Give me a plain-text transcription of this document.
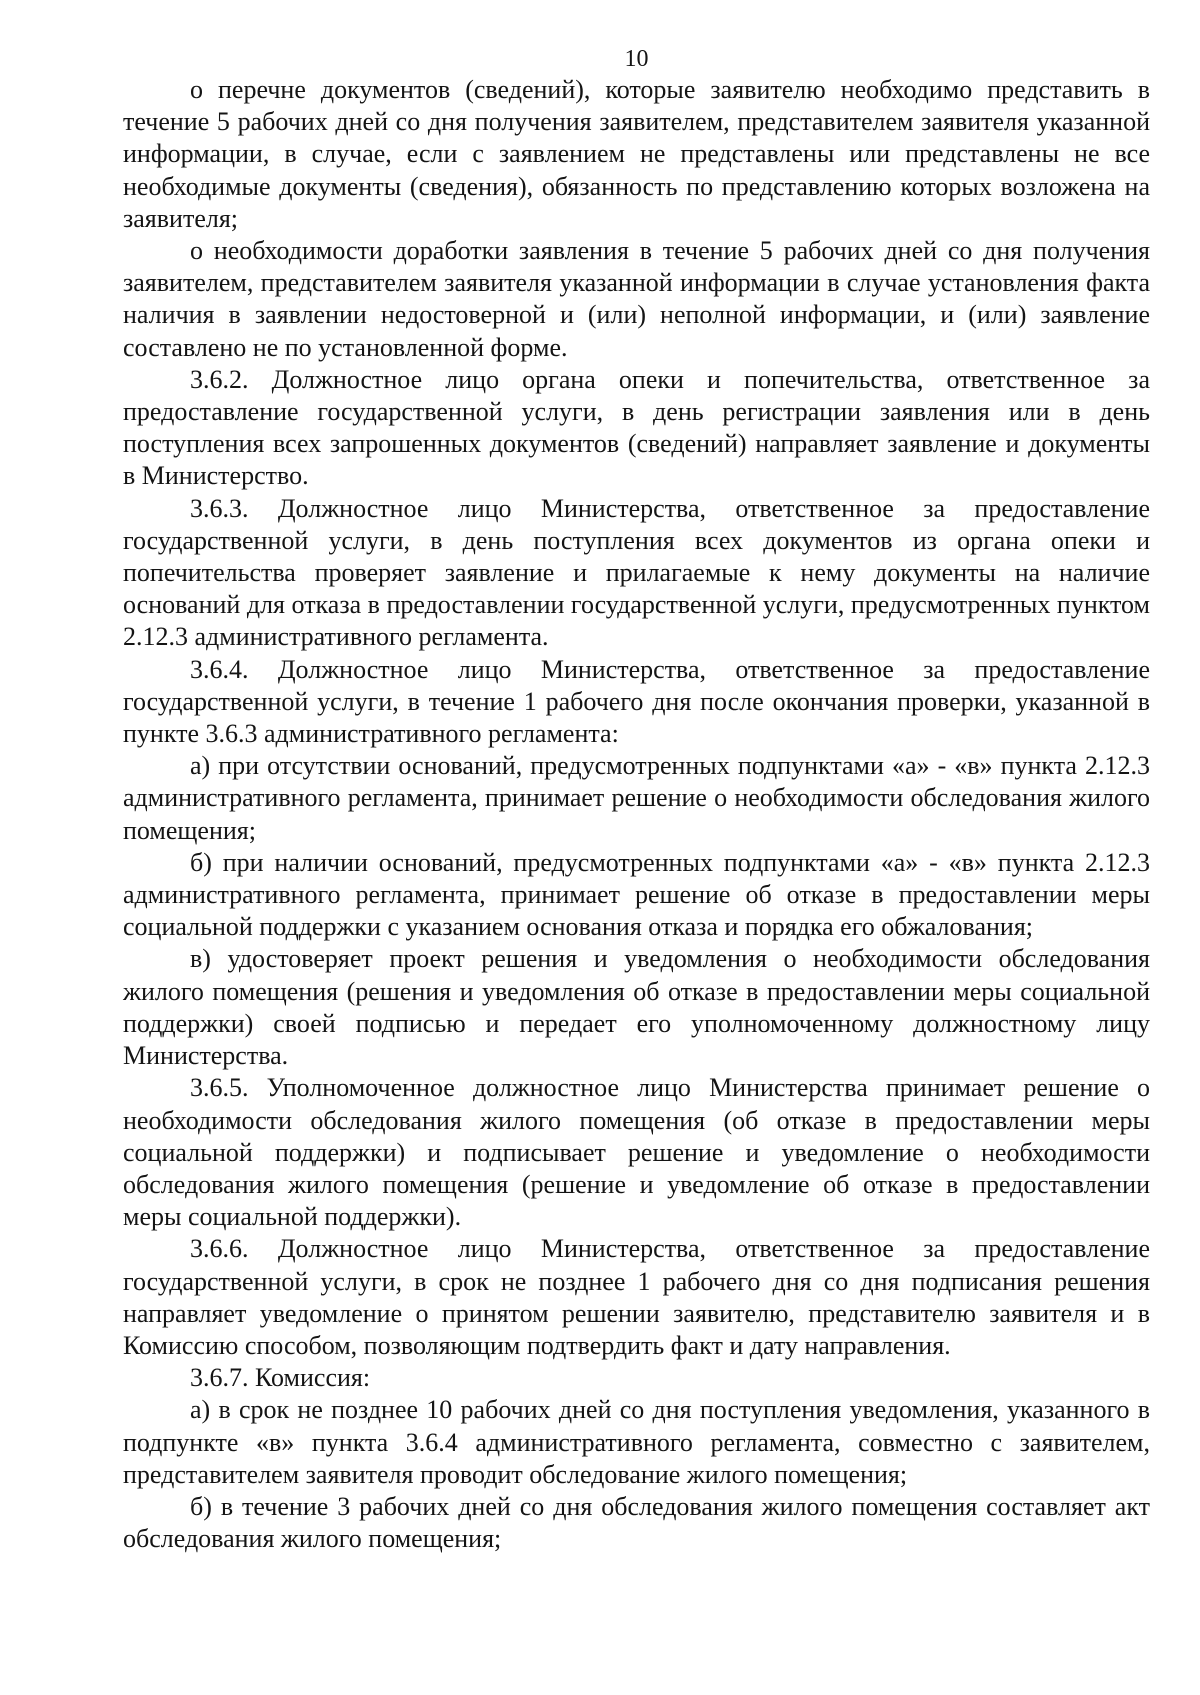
10

о перечне документов (сведений), которые заявителю необходимо представить в течение 5 рабочих дней со дня получения заявителем, представителем заявителя указанной информации, в случае, если с заявлением не представлены или представлены не все необходимые документы (сведения), обязанность по представлению которых возложена на заявителя;

о необходимости доработки заявления в течение 5 рабочих дней со дня получения заявителем, представителем заявителя указанной информации в случае установления факта наличия в заявлении недостоверной и (или) неполной информации, и (или) заявление составлено не по установленной форме.

3.6.2. Должностное лицо органа опеки и попечительства, ответственное за предоставление государственной услуги, в день регистрации заявления или в день поступления всех запрошенных документов (сведений) направляет заявление и документы в Министерство.

3.6.3. Должностное лицо Министерства, ответственное за предоставление государственной услуги, в день поступления всех документов из органа опеки и попечительства проверяет заявление и прилагаемые к нему документы на наличие оснований для отказа в предоставлении государственной услуги, предусмотренных пунктом 2.12.3 административного регламента.

3.6.4. Должностное лицо Министерства, ответственное за предоставление государственной услуги, в течение 1 рабочего дня после окончания проверки, указанной в пункте 3.6.3 административного регламента:

а) при отсутствии оснований, предусмотренных подпунктами «а» - «в» пункта 2.12.3 административного регламента, принимает решение о необходимости обследования жилого помещения;

б) при наличии оснований, предусмотренных подпунктами «а» - «в» пункта 2.12.3 административного регламента, принимает решение об отказе в предоставлении меры социальной поддержки с указанием основания отказа и порядка его обжалования;

в) удостоверяет проект решения и уведомления о необходимости обследования жилого помещения (решения и уведомления об отказе в предоставлении меры социальной поддержки) своей подписью и передает его уполномоченному должностному лицу Министерства.

3.6.5. Уполномоченное должностное лицо Министерства принимает решение о необходимости обследования жилого помещения (об отказе в предоставлении меры социальной поддержки) и подписывает решение и уведомление о необходимости обследования жилого помещения (решение и уведомление об отказе в предоставлении меры социальной поддержки).

3.6.6. Должностное лицо Министерства, ответственное за предоставление государственной услуги, в срок не позднее 1 рабочего дня со дня подписания решения направляет уведомление о принятом решении заявителю, представителю заявителя и в Комиссию способом, позволяющим подтвердить факт и дату направления.

3.6.7. Комиссия:

а) в срок не позднее 10 рабочих дней со дня поступления уведомления, указанного в подпункте «в» пункта 3.6.4 административного регламента, совместно с заявителем, представителем заявителя проводит обследование жилого помещения;

б) в течение 3 рабочих дней со дня обследования жилого помещения составляет акт обследования жилого помещения;
